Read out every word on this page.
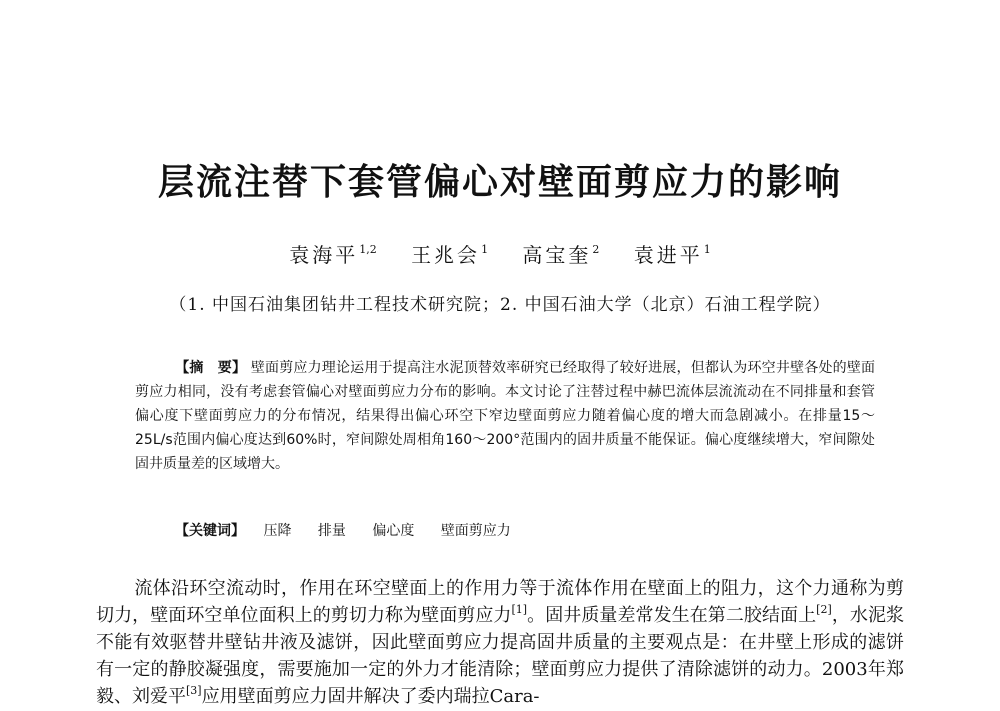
层流注替下套管偏心对壁面剪应力的影响
袁海平$^{1,2}$ 王兆会$^1$ 高宝奎$^2$ 袁进平$^1$
（1. 中国石油集团钻井工程技术研究院；2. 中国石油大学（北京）石油工程学院）
【摘　要】 壁面剪应力理论运用于提高注水泥顶替效率研究已经取得了较好进展，但都认为环空井壁各处的壁面剪应力相同，没有考虑套管偏心对壁面剪应力分布的影响。本文讨论了注替过程中赫巴流体层流流动在不同排量和套管偏心度下壁面剪应力的分布情况，结果得出偏心环空下窄边壁面剪应力随着偏心度的增大而急剧减小。在排量15～25L/s范围内偏心度达到60%时，窄间隙处周相角160～200°范围内的固井质量不能保证。偏心度继续增大，窄间隙处固井质量差的区域增大。
【关键词】 压降 排量 偏心度 壁面剪应力
流体沿环空流动时，作用在环空壁面上的作用力等于流体作用在壁面上的阻力，这个力通称为剪切力，壁面环空单位面积上的剪切力称为壁面剪应力[1]。固井质量差常发生在第二胶结面上[2]，水泥浆不能有效驱替井壁钻井液及滤饼，因此壁面剪应力提高固井质量的主要观点是：在井壁上形成的滤饼有一定的静胶凝强度，需要施加一定的外力才能清除；壁面剪应力提供了清除滤饼的动力。2003年郑毅、刘爱平[3]应用壁面剪应力固井解决了委内瑞拉Cara-
